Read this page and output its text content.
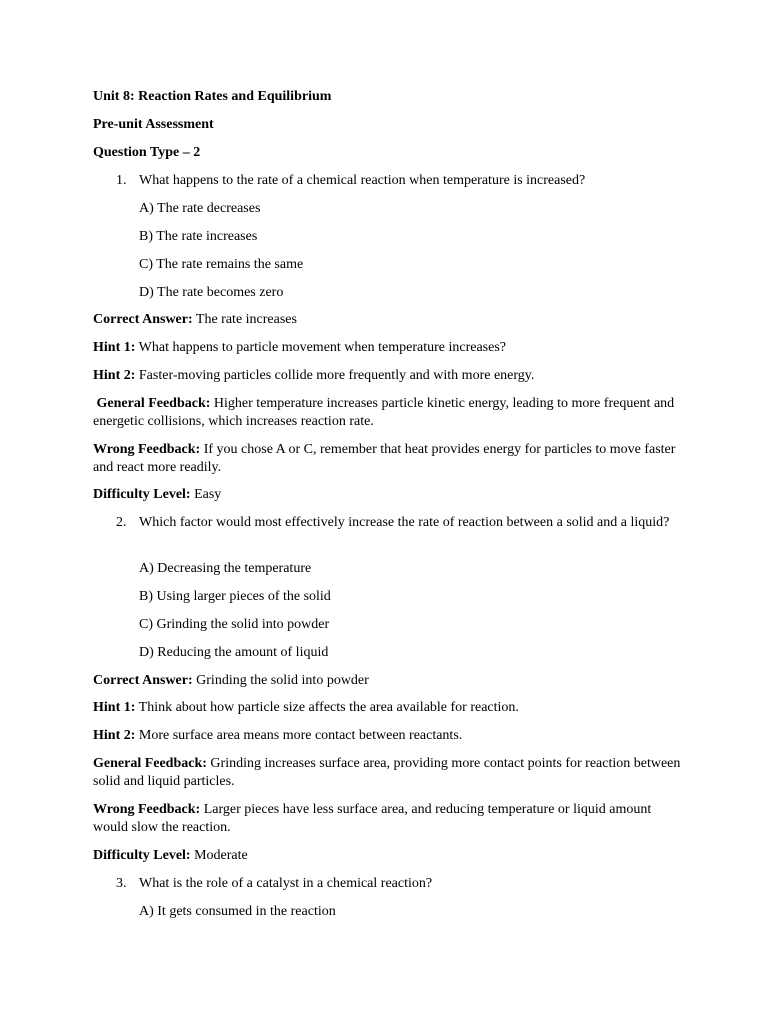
Unit 8: Reaction Rates and Equilibrium

Pre-unit Assessment

Question Type – 2

1. What happens to the rate of a chemical reaction when temperature is increased?

A) The rate decreases

B) The rate increases

C) The rate remains the same

D) The rate becomes zero

Correct Answer: The rate increases

Hint 1: What happens to particle movement when temperature increases?

Hint 2: Faster-moving particles collide more frequently and with more energy.

General Feedback: Higher temperature increases particle kinetic energy, leading to more frequent and energetic collisions, which increases reaction rate.

Wrong Feedback: If you chose A or C, remember that heat provides energy for particles to move faster and react more readily.

Difficulty Level: Easy

2. Which factor would most effectively increase the rate of reaction between a solid and a liquid?

A) Decreasing the temperature

B) Using larger pieces of the solid

C) Grinding the solid into powder

D) Reducing the amount of liquid

Correct Answer: Grinding the solid into powder

Hint 1: Think about how particle size affects the area available for reaction.

Hint 2: More surface area means more contact between reactants.

General Feedback: Grinding increases surface area, providing more contact points for reaction between solid and liquid particles.

Wrong Feedback: Larger pieces have less surface area, and reducing temperature or liquid amount would slow the reaction.

Difficulty Level: Moderate

3. What is the role of a catalyst in a chemical reaction?

A) It gets consumed in the reaction
